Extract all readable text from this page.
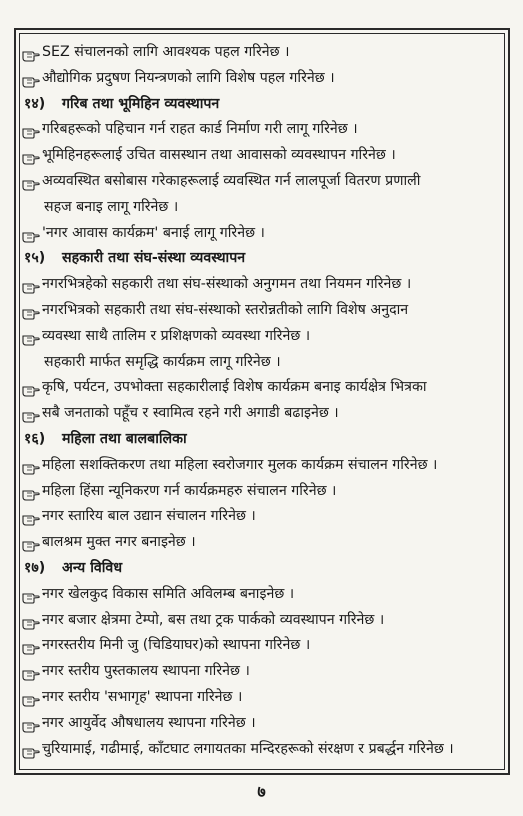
SEZ संचालनको लागि आवश्यक पहल गरिनेछ ।
औद्योगिक प्रदुषण नियन्त्रणको लागि विशेष पहल गरिनेछ ।
१४) गरिब तथा भूमिहिन व्यवस्थापन
गरिबहरूको पहिचान गर्न राहत कार्ड निर्माण गरी लागू गरिनेछ ।
भूमिहिनहरूलाई उचित वासस्थान तथा आवासको व्यवस्थापन गरिनेछ ।
अव्यवस्थित बसोबास गरेकाहरूलाई व्यवस्थित गर्न लालपूर्जा वितरण प्रणाली
सहज बनाइ लागू गरिनेछ ।
'नगर आवास कार्यक्रम' बनाई लागू गरिनेछ ।
१५) सहकारी तथा संघ-संस्था व्यवस्थापन
नगरभित्रहेको सहकारी तथा संघ-संस्थाको अनुगमन तथा नियमन गरिनेछ ।
नगरभित्रको सहकारी तथा संघ-संस्थाको स्तरोन्नतीको लागि विशेष अनुदान
व्यवस्था साथै तालिम र प्रशिक्षणको व्यवस्था गरिनेछ ।
सहकारी मार्फत समृद्धि कार्यक्रम लागू गरिनेछ ।
कृषि, पर्यटन, उपभोक्ता सहकारीलाई विशेष कार्यक्रम बनाइ कार्यक्षेत्र भित्रका
सबै जनताको पहूँच र स्वामित्व रहने गरी अगाडी बढाइनेछ ।
१६) महिला तथा बालबालिका
महिला सशक्तिकरण तथा महिला स्वरोजगार मुलक कार्यक्रम संचालन गरिनेछ ।
महिला हिंसा न्यूनिकरण गर्न कार्यक्रमहरु संचालन गरिनेछ ।
नगर स्तारिय बाल उद्यान संचालन गरिनेछ ।
बालश्रम मुक्त नगर बनाइनेछ ।
१७) अन्य विविध
नगर खेलकुद विकास समिति अविलम्ब बनाइनेछ ।
नगर बजार क्षेत्रमा टेम्पो, बस तथा ट्रक पार्कको व्यवस्थापन गरिनेछ ।
नगरस्तरीय मिनी जु (चिडियाघर)को स्थापना गरिनेछ ।
नगर स्तरीय पुस्तकालय स्थापना गरिनेछ ।
नगर स्तरीय 'सभागृह' स्थापना गरिनेछ ।
नगर आयुर्वेद औषधालय स्थापना गरिनेछ ।
चुरियामाई, गढीमाई, काँटघाट लगायतका मन्दिरहरूको संरक्षण र प्रबर्द्धन गरिनेछ ।
७
